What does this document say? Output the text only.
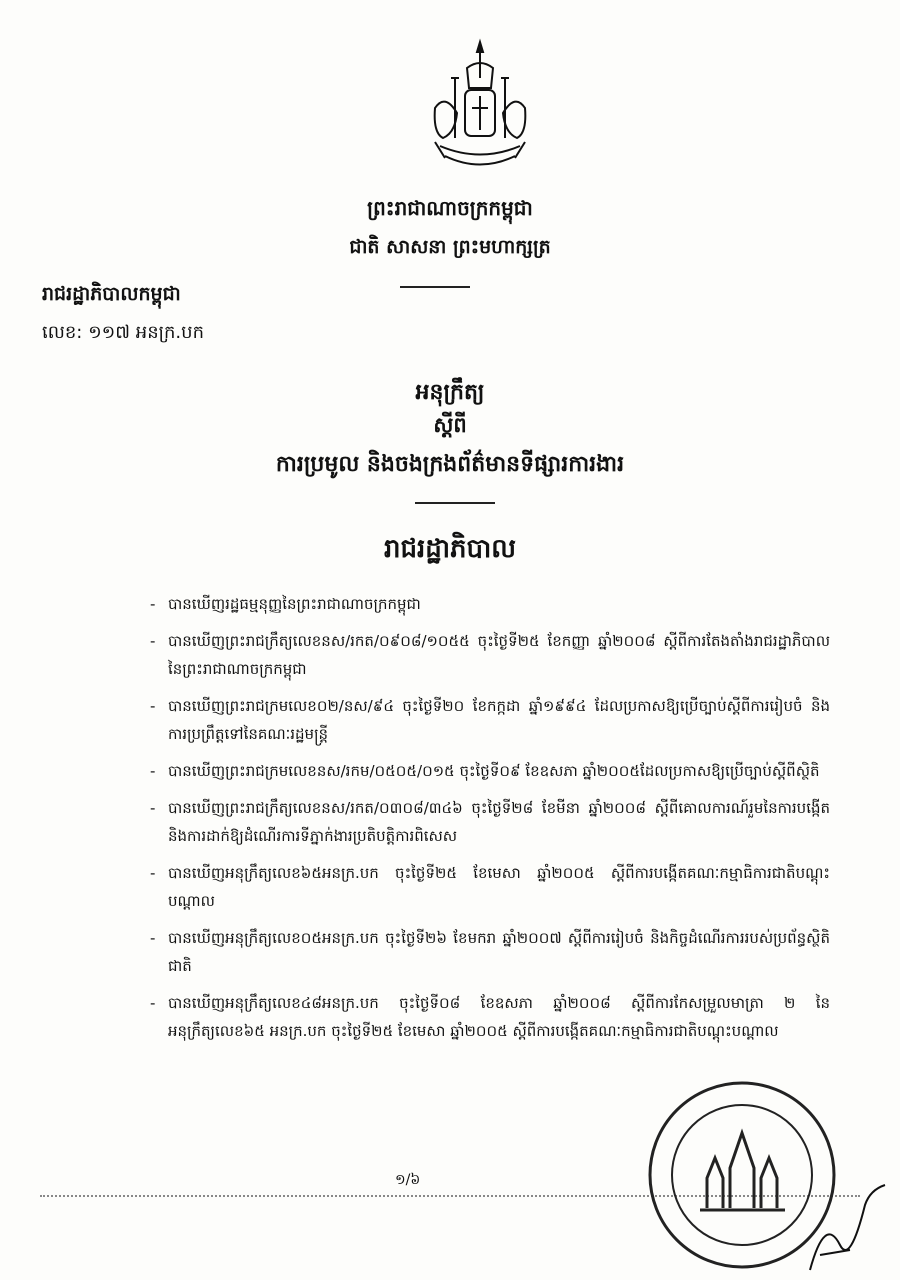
ព្រះរាជាណាចក្រកម្ពុជា
ជាតិ សាសនា ព្រះមហាក្សត្រ
រាជរដ្ឋាភិបាលកម្ពុជា
លេខ: ១១៧ អនក្រ.បក
អនុក្រឹត្យ
ស្តីពី
ការប្រមូល និងចងក្រងព័ត៌មានទីផ្សារការងារ
រាជរដ្ឋាភិបាល
- បានឃើញរដ្ឋធម្មនុញ្ញនៃព្រះរាជាណាចក្រកម្ពុជា
- បានឃើញព្រះរាជក្រឹត្យលេខនស/រកត/០៩០៨/១០៥៥ ចុះថ្ងៃទី២៥ ខែកញ្ញា ឆ្នាំ២០០៨ ស្តីពីការតែងតាំងរាជរដ្ឋាភិបាលនៃព្រះរាជាណាចក្រកម្ពុជា
- បានឃើញព្រះរាជក្រមលេខ០២/នស/៩៤ ចុះថ្ងៃទី២០ ខែកក្កដា ឆ្នាំ១៩៩៤ ដែលប្រកាសឱ្យប្រើច្បាប់ស្តីពីការរៀបចំ និងការប្រព្រឹត្តទៅនៃគណៈរដ្ឋមន្ត្រី
- បានឃើញព្រះរាជក្រមលេខនស/រកម/០៥០៥/០១៥ ចុះថ្ងៃទី០៩ ខែឧសភា ឆ្នាំ២០០៥ដែលប្រកាសឱ្យប្រើច្បាប់ស្តីពីស្ថិតិ
- បានឃើញព្រះរាជក្រឹត្យលេខនស/រកត/០៣០៨/៣៤៦ ចុះថ្ងៃទី២៨ ខែមីនា ឆ្នាំ២០០៨ ស្តីពីគោលការណ៍រួមនៃការបង្កើត និងការដាក់ឱ្យដំណើរការទីភ្នាក់ងារប្រតិបត្តិការពិសេស
- បានឃើញអនុក្រឹត្យលេខ៦៥អនក្រ.បក ចុះថ្ងៃទី២៥ ខែមេសា ឆ្នាំ២០០៥ ស្តីពីការបង្កើតគណៈកម្មាធិការជាតិបណ្តុះបណ្តាល
- បានឃើញអនុក្រឹត្យលេខ០៥អនក្រ.បក ចុះថ្ងៃទី២៦ ខែមករា ឆ្នាំ២០០៧ ស្តីពីការរៀបចំ និងកិច្ចដំណើរការរបស់ប្រព័ន្ធស្ថិតិជាតិ
- បានឃើញអនុក្រឹត្យលេខ៤៨អនក្រ.បក ចុះថ្ងៃទី០៨ ខែឧសភា ឆ្នាំ២០០៨ ស្តីពីការកែសម្រួលមាត្រា ២ នៃអនុក្រឹត្យលេខ៦៥ អនក្រ.បក ចុះថ្ងៃទី២៥ ខែមេសា ឆ្នាំ២០០៥ ស្តីពីការបង្កើតគណៈកម្មាធិការជាតិបណ្តុះបណ្តាល
១/៦
